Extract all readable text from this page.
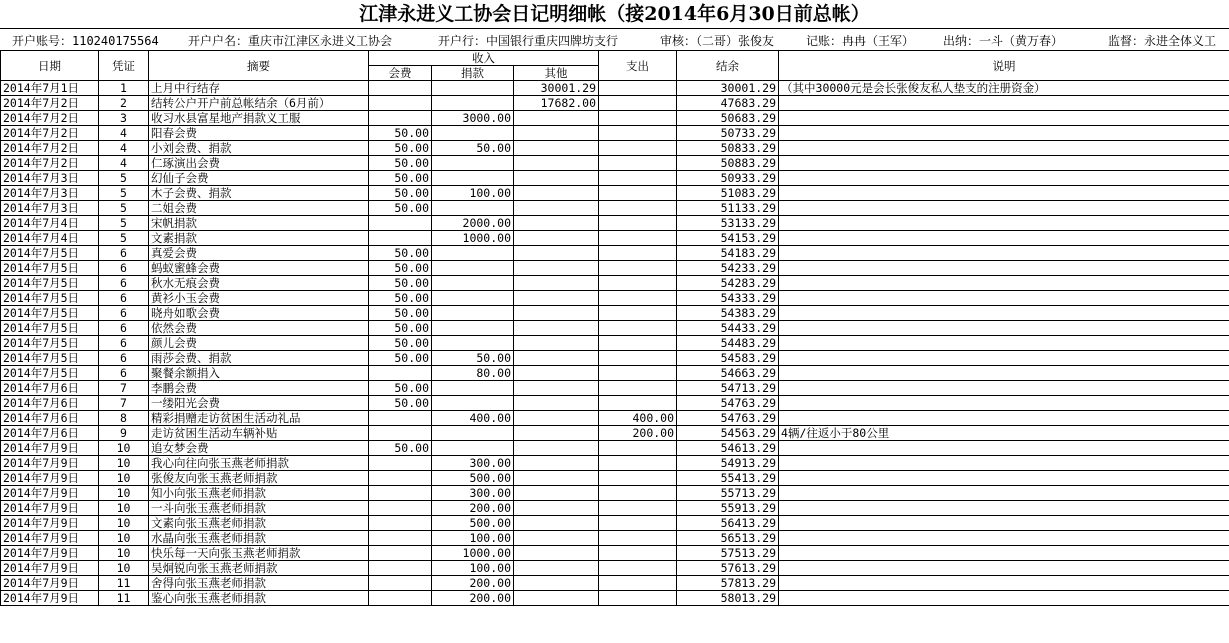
江津永进义工协会日记明细帐（接2014年6月30日前总帐）
开户账号：110240175564 开户户名：重庆市江津区永进义工协会	开户行：中国银行重庆四牌坊支行	审核：（二哥）张俊友	记账：冉冉（王军） 出纳：一斗（黄万春）	监督：永进全体义工
日期	凭证	摘要	收入			支出	结余	说明
			会费	捐款	其他			
2014年7月1日	1	上月中行结存			30001.29		30001.29	（其中30000元是会长张俊友私人垫支的注册资金）
2014年7月2日	2	结转公户开户前总帐结余（6月前）			17682.00		47683.29	
2014年7月2日	3	收习水县富星地产捐款义工服		3000.00			50683.29	
2014年7月2日	4	阳春会费	50.00				50733.29	
2014年7月2日	4	小刘会费、捐款	50.00	50.00			50833.29	
2014年7月2日	4	仁琢演出会费	50.00				50883.29	
2014年7月3日	5	幻仙子会费	50.00				50933.29	
2014年7月3日	5	木子会费、捐款	50.00	100.00			51083.29	
2014年7月3日	5	二姐会费	50.00				51133.29	
2014年7月4日	5	宋帆捐款		2000.00			53133.29	
2014年7月4日	5	文素捐款		1000.00			54153.29	
2014年7月5日	6	真爱会费	50.00				54183.29	
2014年7月5日	6	蚂蚁蜜蜂会费	50.00				54233.29	
2014年7月5日	6	秋水无痕会费	50.00				54283.29	
2014年7月5日	6	黄衫小玉会费	50.00				54333.29	
2014年7月5日	6	晓舟如歌会费	50.00				54383.29	
2014年7月5日	6	依然会费	50.00				54433.29	
2014年7月5日	6	颜儿会费	50.00				54483.29	
2014年7月5日	6	雨莎会费、捐款	50.00	50.00			54583.29	
2014年7月5日	6	聚餐余额捐入		80.00			54663.29	
2014年7月6日	7	李鹏会费	50.00				54713.29	
2014年7月6日	7	一缕阳光会费	50.00				54763.29	
2014年7月6日	8	精彩捐赠走访贫困生活动礼品		400.00		400.00	54763.29	
2014年7月6日	9	走访贫困生活动车辆补贴				200.00	54563.29	4辆/往返小于80公里
2014年7月9日	10	追女梦会费	50.00				54613.29	
2014年7月9日	10	我心向往向张玉燕老师捐款		300.00			54913.29	
2014年7月9日	10	张俊友向张玉燕老师捐款		500.00			55413.29	
2014年7月9日	10	知小向张玉燕老师捐款		300.00			55713.29	
2014年7月9日	10	一斗向张玉燕老师捐款		200.00			55913.29	
2014年7月9日	10	文素向张玉燕老师捐款		500.00			56413.29	
2014年7月9日	10	水晶向张玉燕老师捐款		100.00			56513.29	
2014年7月9日	10	快乐每一天向张玉燕老师捐款		1000.00			57513.29	
2014年7月9日	10	吴炯锐向张玉燕老师捐款		100.00			57613.29	
2014年7月9日	11	舍得向张玉燕老师捐款		200.00			57813.29	
2014年7月9日	11	鉴心向张玉燕老师捐款		200.00			58013.29	
